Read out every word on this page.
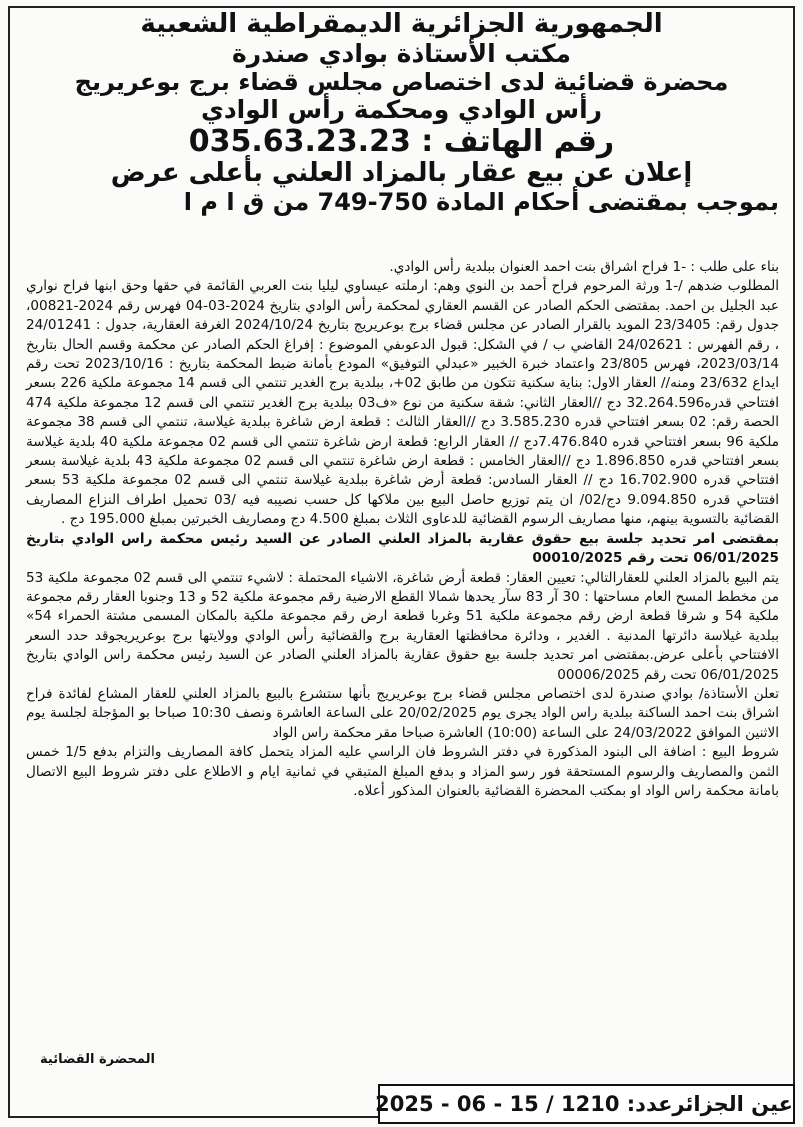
الجمهورية الجزائرية الديمقراطية الشعبية

مكتب الأستاذة بوادي صندرة

محضرة قضائية لدى اختصاص مجلس قضاء برج بوعريريج

رأس الوادي ومحكمة رأس الوادي

رقم الهاتف : 035.63.23.23

إعلان عن بيع عقار بالمزاد العلني بأعلى عرض

بموجب بمقتضى أحكام المادة 750-749 من ق ا م ا

بناء على طلب : -1 فراح اشراق بنت احمد العنوان ببلدية رأس الوادي.

المطلوب ضدهم /-1 ورثة المرحوم فراح أحمد بن النوي وهم: ارملته عيساوي ليليا بنت العربي القائمة في حقها وحق ابنها فراح نواري عبد الجليل بن احمد. بمقتضى الحكم الصادر عن القسم العقاري لمحكمة رأس الوادي بتاريخ 2024-03-04 فهرس رقم 2024-00821، جدول رقم: 23/3405 المويد بالقرار الصادر عن مجلس قضاء برج بوعريريج بتاريخ 2024/10/24 الغرفة العقارية، جدول : 24/01241 ، رقم الفهرس : 24/02621 القاضي ب / في الشكل: قبول الدعوىفي الموضوع : إفراغ الحكم الصادر عن محكمة وقسم الحال بتاريخ 2023/03/14، فهرس 23/805 واعتماد خبرة الخبير «عبدلي التوفيق» المودع بأمانة ضبط المحكمة بتاريخ : 2023/10/16 تحت رقم ايداع 23/632 ومنه// العقار الاول: بناية سكنية تتكون من طابق 02+، ببلدية برج الغدير تنتمي الى قسم 14 مجموعة ملكية 226 بسعر افتتاحي قدره32.264.596 دج //العقار الثاني: شقة سكنية من نوع «ف03 ببلدية برج الغدير تنتمي الى قسم 12 مجموعة ملكية 474 الحصة رقم: 02 بسعر افتتاحي قدره 3.585.230 دج //العقار الثالث : قطعة ارض شاغرة ببلدية غيلاسة، تنتمي الى قسم 38 مجموعة ملكية 96 بسعر افتتاحي قدره 7.476.840دج // العقار الرابع: قطعة ارض شاغرة تنتمي الى قسم 02 مجموعة ملكية 40 بلدية غيلاسة بسعر افتتاحي قدره 1.896.850 دج //العقار الخامس : قطعة ارض شاغرة تنتمي الى قسم 02 مجموعة ملكية 43 بلدية غيلاسة بسعر افتتاحي قدره 16.702.900 دج // العقار السادس: قطعة أرض شاغرة ببلدية غيلاسة تنتمي الى قسم 02 مجموعة ملكية 53 بسعر افتتاحي قدره 9.094.850 دج/02/ ان يتم توزيع حاصل البيع بين ملاكها كل حسب نصيبه فيه /03 تحميل اطراف النزاع المصاريف القضائية بالتسوية بينهم، منها مصاريف الرسوم القضائية للدعاوى الثلاث بمبلغ 4.500 دج ومصاريف الخبرتين بمبلغ 195.000 دج .

بمقتضى امر تحديد جلسة بيع حقوق عقارية بالمزاد العلني الصادر عن السيد رئيس محكمة راس الوادي بتاريخ 06/01/2025 تحت رقم 00010/2025

يتم البيع بالمزاد العلني للعقارالتالي: تعيين العقار: قطعة أرض شاغرة، الاشياء المحتملة : لاشيء تنتمي الى قسم 02 مجموعة ملكية 53 من مخطط المسح العام مساحتها : 30 آر 83 سآر يحدها شمالا القطع الارضية رقم مجموعة ملكية 52 و 13 وجنوبا العقار رقم مجموعة ملكية 54 و شرقا قطعة ارض رقم مجموعة ملكية 51 وغربا قطعة ارض رقم مجموعة ملكية بالمكان المسمى مشتة الحمراء 54» ببلدية غيلاسة دائرتها المدنية . الغدير ، ودائرة محافظتها العقارية برج والقضائية رأس الوادي وولايتها برج بوعريريجوقد حدد السعر الافتتاحي بأعلى عرض.بمقتضى امر تحديد جلسة بيع حقوق عقارية بالمزاد العلني الصادر عن السيد رئيس محكمة راس الوادي بتاريخ 06/01/2025 تحت رقم 00006/2025

تعلن الأستاذة/ بوادي صندرة لدى اختصاص مجلس قضاء برج بوعريريج بأنها ستشرع بالبيع بالمزاد العلني للعقار المشاع لفائدة فراح اشراق بنت احمد الساكنة ببلدية راس الواد يجرى يوم 20/02/2025 على الساعة العاشرة ونصف 10:30 صباحا بو المؤجلة لجلسة يوم الاثنين الموافق 24/03/2022 على الساعة (10:00) العاشرة صباحا مقر محكمة راس الواد

شروط البيع : اضافة الى البنود المذكورة في دفتر الشروط فان الراسي عليه المزاد يتحمل كافة المصاريف والتزام بدفع 1/5 خمس الثمن والمصاريف والرسوم المستحقة فور رسو المزاد و بدفع المبلغ المتبقي في ثمانية ايام و الاطلاع على دفتر شروط البيع الاتصال بامانة محكمة راس الواد او بمكتب المحضرة القضائية بالعنوان المذكور أعلاه.

المحضرة القضائية
عين الجزائرعدد: 1210 / 15 - 06 - 2025
